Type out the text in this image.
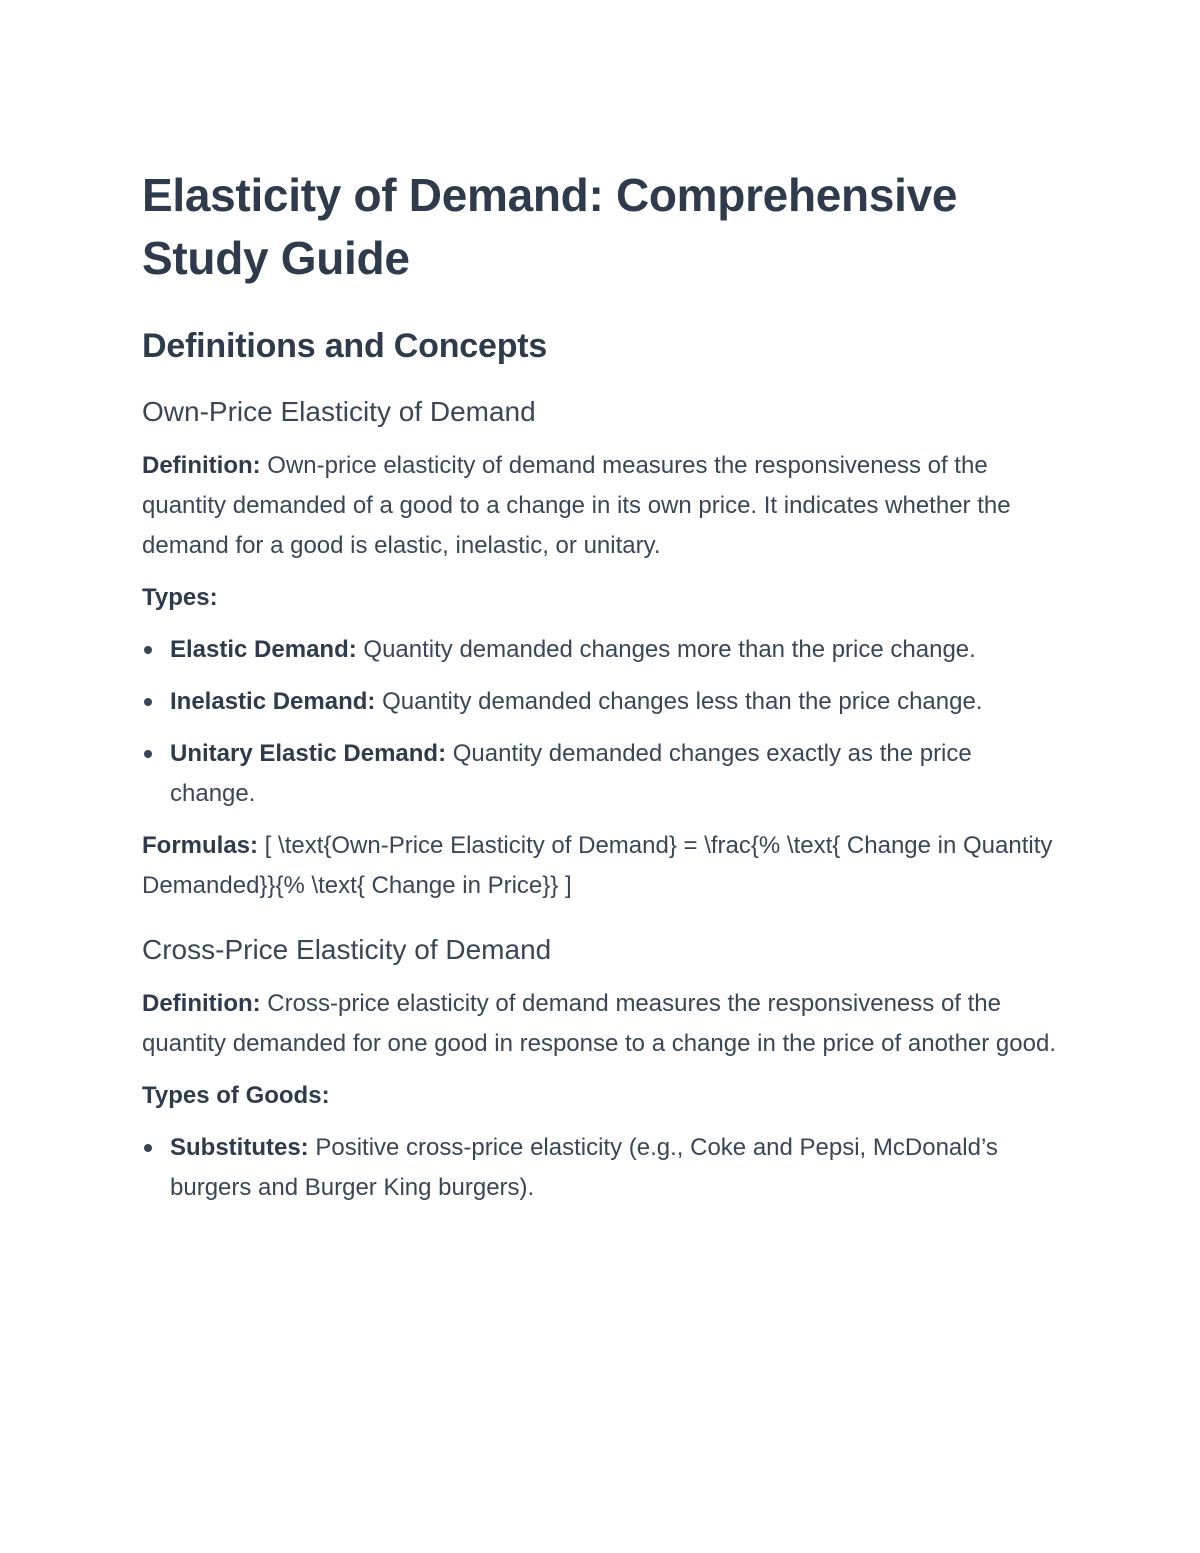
Elasticity of Demand: Comprehensive Study Guide
Definitions and Concepts
Own-Price Elasticity of Demand

Definition: Own-price elasticity of demand measures the responsiveness of the quantity demanded of a good to a change in its own price. It indicates whether the demand for a good is elastic, inelastic, or unitary.

Types:

Elastic Demand: Quantity demanded changes more than the price change.
Inelastic Demand: Quantity demanded changes less than the price change.
Unitary Elastic Demand: Quantity demanded changes exactly as the price change.

Formulas: [ \text{Own-Price Elasticity of Demand} = \frac{% \text{ Change in Quantity Demanded}}{% \text{ Change in Price}} ]

Cross-Price Elasticity of Demand

Definition: Cross-price elasticity of demand measures the responsiveness of the quantity demanded for one good in response to a change in the price of another good.

Types of Goods:

Substitutes: Positive cross-price elasticity (e.g., Coke and Pepsi, McDonald’s burgers and Burger King burgers).
